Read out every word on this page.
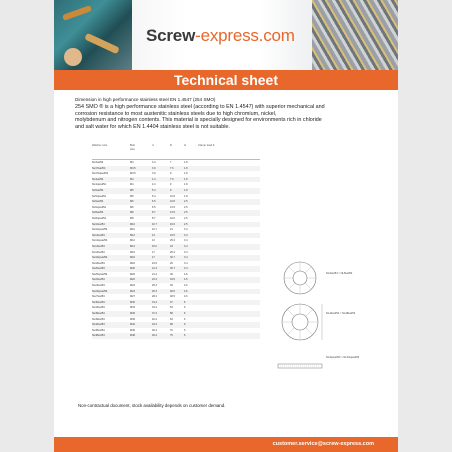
Screw-express.com
Technical sheet
Dimension in high performance stainless steel EN 1.4547 (254 SMO)
254 SMO ® is a high performance stainless steel (according to EN 1.4547) with superior mechanical and
corrosion resistance to most austenitic stainless steels due to high chromium, nickel,
molybdenum and nitrogen contents. This material is specially designed for environments rich in chloride
and salt water for which EN 1.4404 stainless steel is not suitable.
Washer size	Bolt size
d	D	H	Clamp load F
NL3ss254	M3	3.4	7	1.8
NL3.5ss254	M3.5	3.9	7.6	1.8
NL3.5spss254	M3.5	3.9	9	1.8
NL4ss254	M4	4.4	7.6	1.8
NL4spss254	M4	4.4	9	1.8
NL5ss254	M5	5.4	9	1.8
NL5spss254	M5	5.4	10.8	1.8
NL6ss254	M6	6.5	10.8	2.5
NL6spss254	M6	6.5	13.5	2.5
NL8ss254	M8	8.7	13.5	2.5
NL8spss254	M8	8.7	16.6	2.5
NL10ss254	M10	10.7	16.6	2.5
NL10spss254	M10	10.7	21	3.4
NL12ss254	M12	13	19.5	3.4
NL12spss254	M12	13	25.4	3.4
NL14ss254	M14	15.2	23	3.4
NL16ss254	M16	17	25.4	3.4
NL16spss254	M16	17	30.7	3.4
NL18ss254	M18	19.5	29	3.4
NL20ss254	M20	21.4	30.7	3.4
NL20spss254	M20	21.4	39	4.6
NL22ss254	M22	23.4	34.5	4.6
NL24ss254	M24	25.3	39	4.6
NL24spss254	M24	25.3	48.5	4.6
NL27ss254	M27	28.4	48.5	4.6
NL30ss254	M30	31.4	47	6
NL33ss254	M33	34.4	54	6
NL36ss254	M36	37.4	58	6
NL39ss254	M39	40.4	63	6
NL42ss254	M42	43.4	68	6
NL45ss254	M45	46.4	70	6
NL48ss254	M48	49.4	75	6
NL3ss254 > NL8ss254
NL10ss254 > NL48ss254
NL3spss254 > NL24spss254
Non-contractual document, stock availability depends on customer demand.
customer.service@screw-express.com
